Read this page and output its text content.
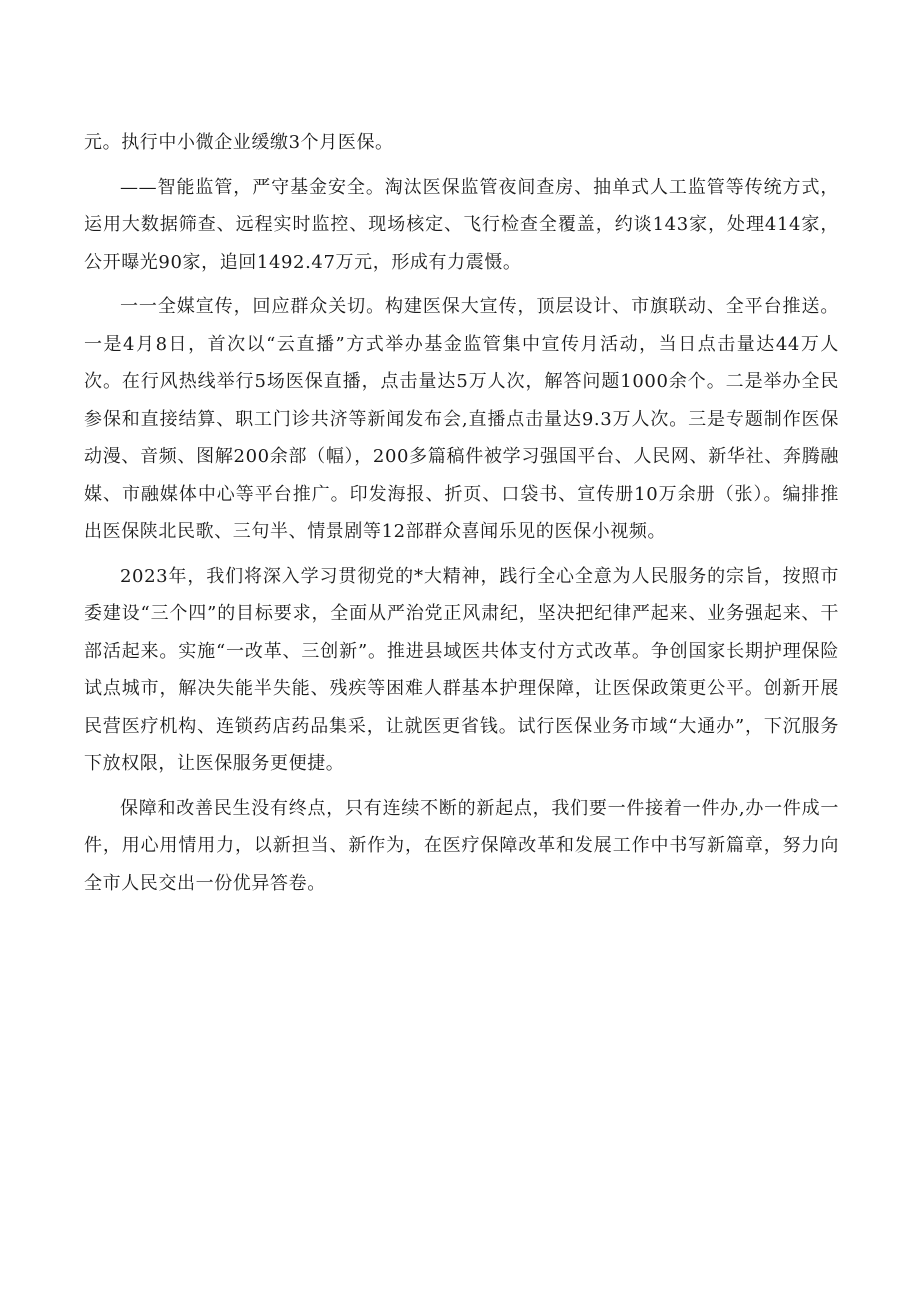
元。执行中小微企业缓缴3个月医保。

——智能监管，严守基金安全。淘汰医保监管夜间查房、抽单式人工监管等传统方式，运用大数据筛查、远程实时监控、现场核定、飞行检查全覆盖，约谈143家，处理414家，公开曝光90家，追回1492.47万元，形成有力震慑。

一一全媒宣传，回应群众关切。构建医保大宣传，顶层设计、市旗联动、全平台推送。一是4月8日，首次以“云直播”方式举办基金监管集中宣传月活动，当日点击量达44万人次。在行风热线举行5场医保直播，点击量达5万人次，解答问题1000余个。二是举办全民参保和直接结算、职工门诊共济等新闻发布会,直播点击量达9.3万人次。三是专题制作医保动漫、音频、图解200余部（幅），200多篇稿件被学习强国平台、人民网、新华社、奔腾融媒、市融媒体中心等平台推广。印发海报、折页、口袋书、宣传册10万余册（张）。编排推出医保陕北民歌、三句半、情景剧等12部群众喜闻乐见的医保小视频。

2023年，我们将深入学习贯彻党的*大精神，践行全心全意为人民服务的宗旨，按照市委建设“三个四”的目标要求，全面从严治党正风肃纪，坚决把纪律严起来、业务强起来、干部活起来。实施“一改革、三创新”。推进县域医共体支付方式改革。争创国家长期护理保险试点城市，解决失能半失能、残疾等困难人群基本护理保障，让医保政策更公平。创新开展民营医疗机构、连锁药店药品集采，让就医更省钱。试行医保业务市域“大通办”，下沉服务下放权限，让医保服务更便捷。

保障和改善民生没有终点，只有连续不断的新起点，我们要一件接着一件办,办一件成一件，用心用情用力，以新担当、新作为，在医疗保障改革和发展工作中书写新篇章，努力向全市人民交出一份优异答卷。
